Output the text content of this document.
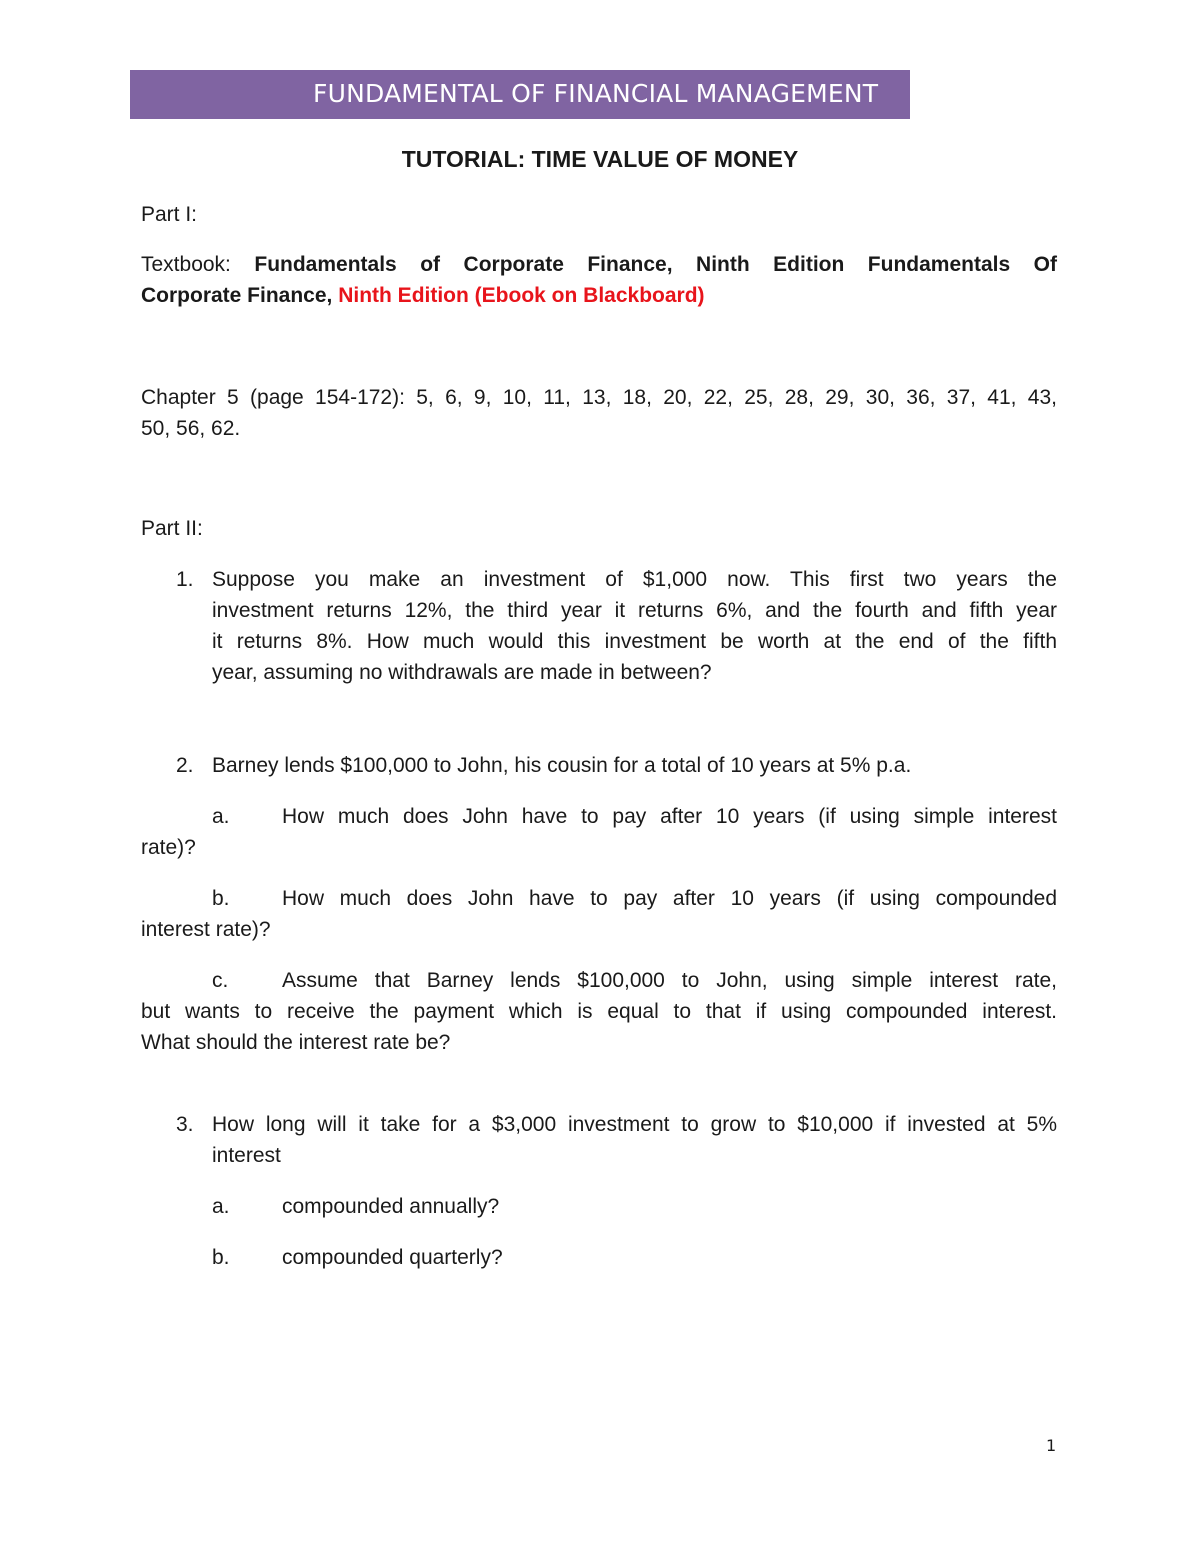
FUNDAMENTAL OF FINANCIAL MANAGEMENT
TUTORIAL: TIME VALUE OF MONEY
Part I:
Textbook: Fundamentals of Corporate Finance, Ninth Edition Fundamentals Of
Corporate Finance, Ninth Edition (Ebook on Blackboard)
Chapter 5 (page 154-172): 5, 6, 9, 10, 11, 13, 18, 20, 22, 25, 28, 29, 30, 36, 37, 41, 43,
50, 56, 62.
Part II:
1. Suppose you make an investment of $1,000 now. This first two years the
investment returns 12%, the third year it returns 6%, and the fourth and fifth year
it returns 8%. How much would this investment be worth at the end of the fifth
year, assuming no withdrawals are made in between?
2. Barney lends $100,000 to John, his cousin for a total of 10 years at 5% p.a.
a. How much does John have to pay after 10 years (if using simple interest
rate)?
b. How much does John have to pay after 10 years (if using compounded
interest rate)?
c.	Assume that Barney lends $100,000 to John, using simple interest rate,
but wants to receive the payment which is equal to that if using compounded interest.
What should the interest rate be?
3. How long will it take for a $3,000 investment to grow to $10,000 if invested at 5%
interest
a. compounded annually?
b. compounded quarterly?
1
